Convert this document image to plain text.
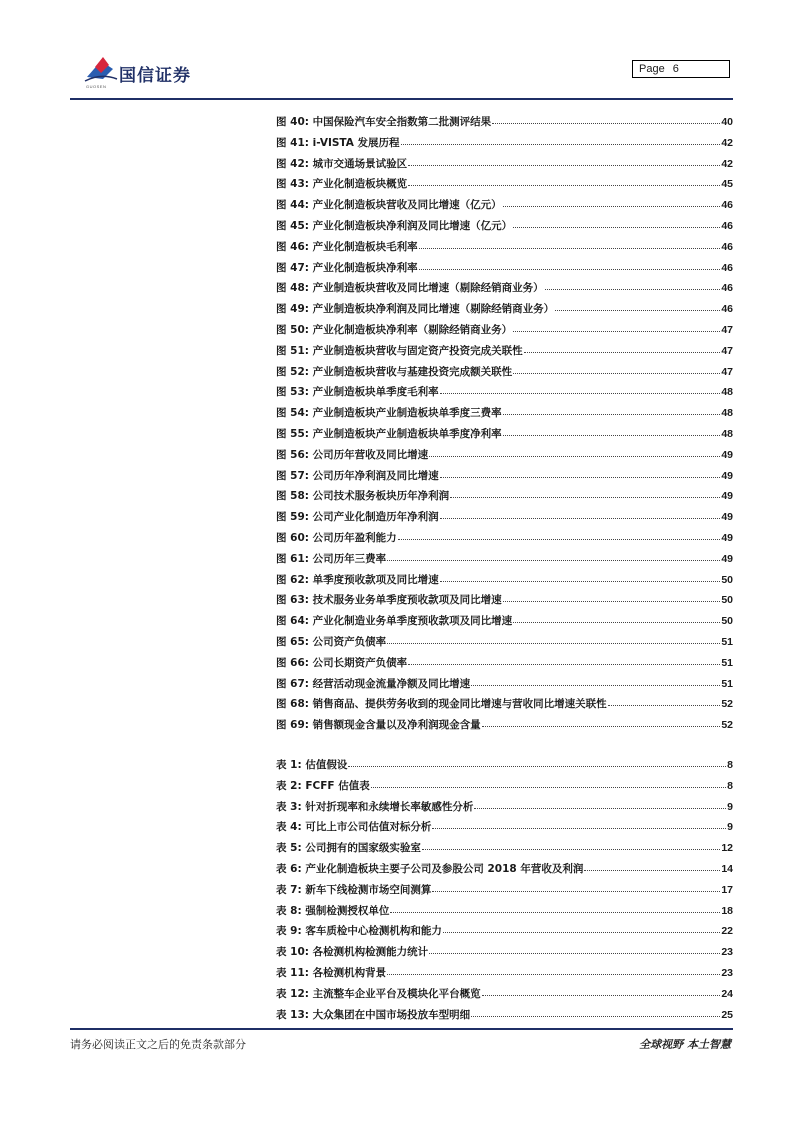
国信证券
GUOSEN
Page 6
图 40: 中国保险汽车安全指数第二批测评结果	40
图 41: i-VISTA 发展历程	42
图 42: 城市交通场景试验区	42
图 43: 产业化制造板块概览	45
图 44: 产业化制造板块营收及同比增速（亿元）	46
图 45: 产业化制造板块净利润及同比增速（亿元）	46
图 46: 产业化制造板块毛利率	46
图 47: 产业化制造板块净利率	46
图 48: 产业制造板块营收及同比增速（剔除经销商业务）	46
图 49: 产业制造板块净利润及同比增速（剔除经销商业务）	46
图 50: 产业化制造板块净利率（剔除经销商业务）	47
图 51: 产业制造板块营收与固定资产投资完成关联性	47
图 52: 产业制造板块营收与基建投资完成额关联性	47
图 53: 产业制造板块单季度毛利率	48
图 54: 产业制造板块产业制造板块单季度三费率	48
图 55: 产业制造板块产业制造板块单季度净利率	48
图 56: 公司历年营收及同比增速	49
图 57: 公司历年净利润及同比增速	49
图 58: 公司技术服务板块历年净利润	49
图 59: 公司产业化制造历年净利润	49
图 60: 公司历年盈利能力	49
图 61: 公司历年三费率	49
图 62: 单季度预收款项及同比增速	50
图 63: 技术服务业务单季度预收款项及同比增速	50
图 64: 产业化制造业务单季度预收款项及同比增速	50
图 65: 公司资产负债率	51
图 66: 公司长期资产负债率	51
图 67: 经营活动现金流量净额及同比增速	51
图 68: 销售商品、提供劳务收到的现金同比增速与营收同比增速关联性	52
图 69: 销售额现金含量以及净利润现金含量	52
表 1: 估值假设	8
表 2: FCFF 估值表	8
表 3: 针对折现率和永续增长率敏感性分析	9
表 4: 可比上市公司估值对标分析	9
表 5: 公司拥有的国家级实验室	12
表 6: 产业化制造板块主要子公司及参股公司 2018 年营收及利润	14
表 7: 新车下线检测市场空间测算	17
表 8: 强制检测授权单位	18
表 9: 客车质检中心检测机构和能力	22
表 10: 各检测机构检测能力统计	23
表 11: 各检测机构背景	23
表 12: 主流整车企业平台及模块化平台概览	24
表 13: 大众集团在中国市场投放车型明细	25
请务必阅读正文之后的免责条款部分	全球视野 本土智慧
